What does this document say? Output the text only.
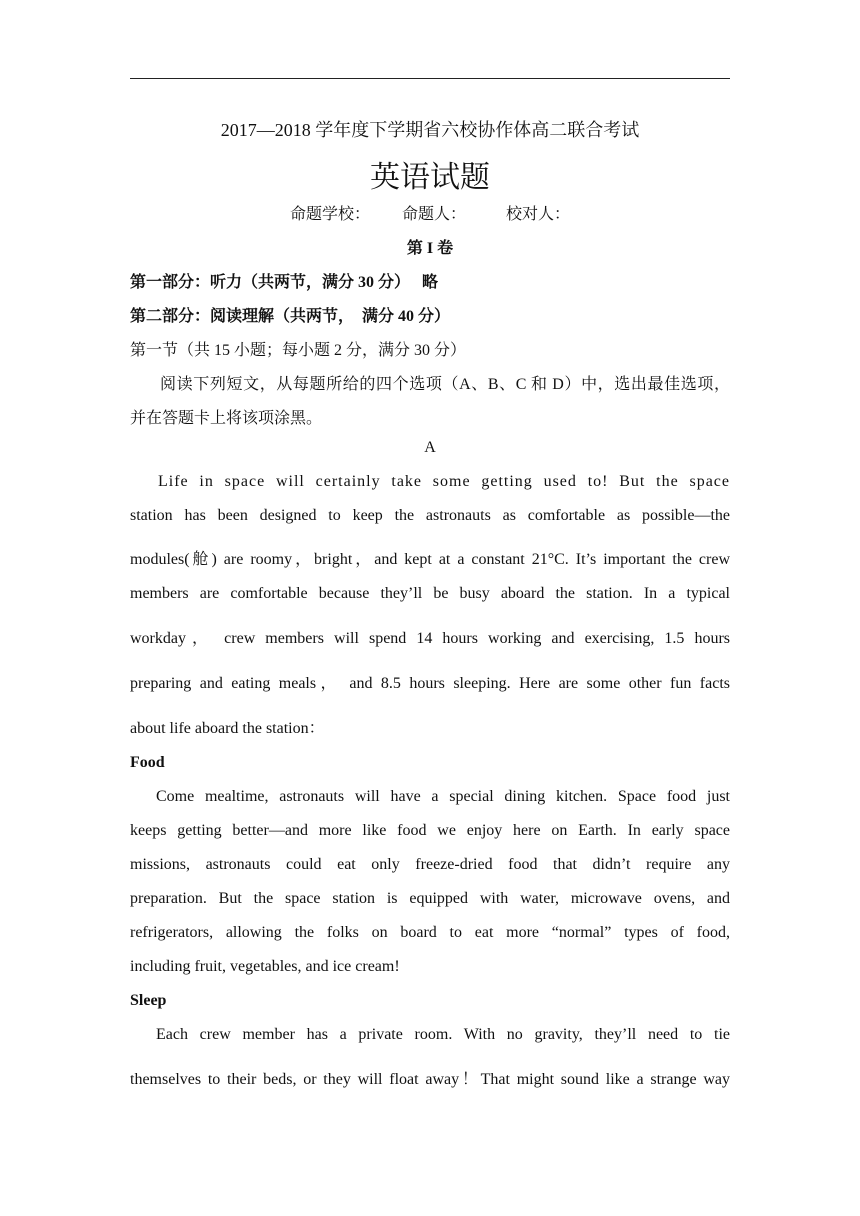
2017—2018 学年度下学期省六校协作体高二联合考试
英语试题
命题学校：        命题人：          校对人：
第 I 卷
第一部分：听力（共两节，满分 30 分）   略
第二部分：阅读理解（共两节，  满分 40 分）
第一节（共 15 小题；每小题 2 分，满分 30 分）
阅读下列短文，从每题所给的四个选项（A、B、C 和 D）中，选出最佳选项，
并在答题卡上将该项涂黑。
A
Life in space will certainly take some getting used to! But the space
station has been designed to keep the astronauts as comfortable as possible—the
modules(舱) are roomy，bright，and kept at a constant 21°C. It’s important the crew
members are comfortable because they’ll be busy aboard the station. In a typical
workday， crew members will spend 14 hours working and exercising, 1.5 hours
preparing and eating meals， and 8.5 hours sleeping. Here are some other fun facts
about life aboard the station：
Food
Come mealtime, astronauts will have a special dining kitchen. Space food just
keeps getting better—and more like food we enjoy here on Earth. In early space
missions, astronauts could eat only freeze-dried food that didn’t require any
preparation. But the space station is equipped with water, microwave ovens, and
refrigerators, allowing the folks on board to eat more “normal” types of food,
including fruit, vegetables, and ice cream!
Sleep
Each crew member has a private room. With no gravity, they’ll need to tie
themselves to their beds, or they will float away！That might sound like a strange way
